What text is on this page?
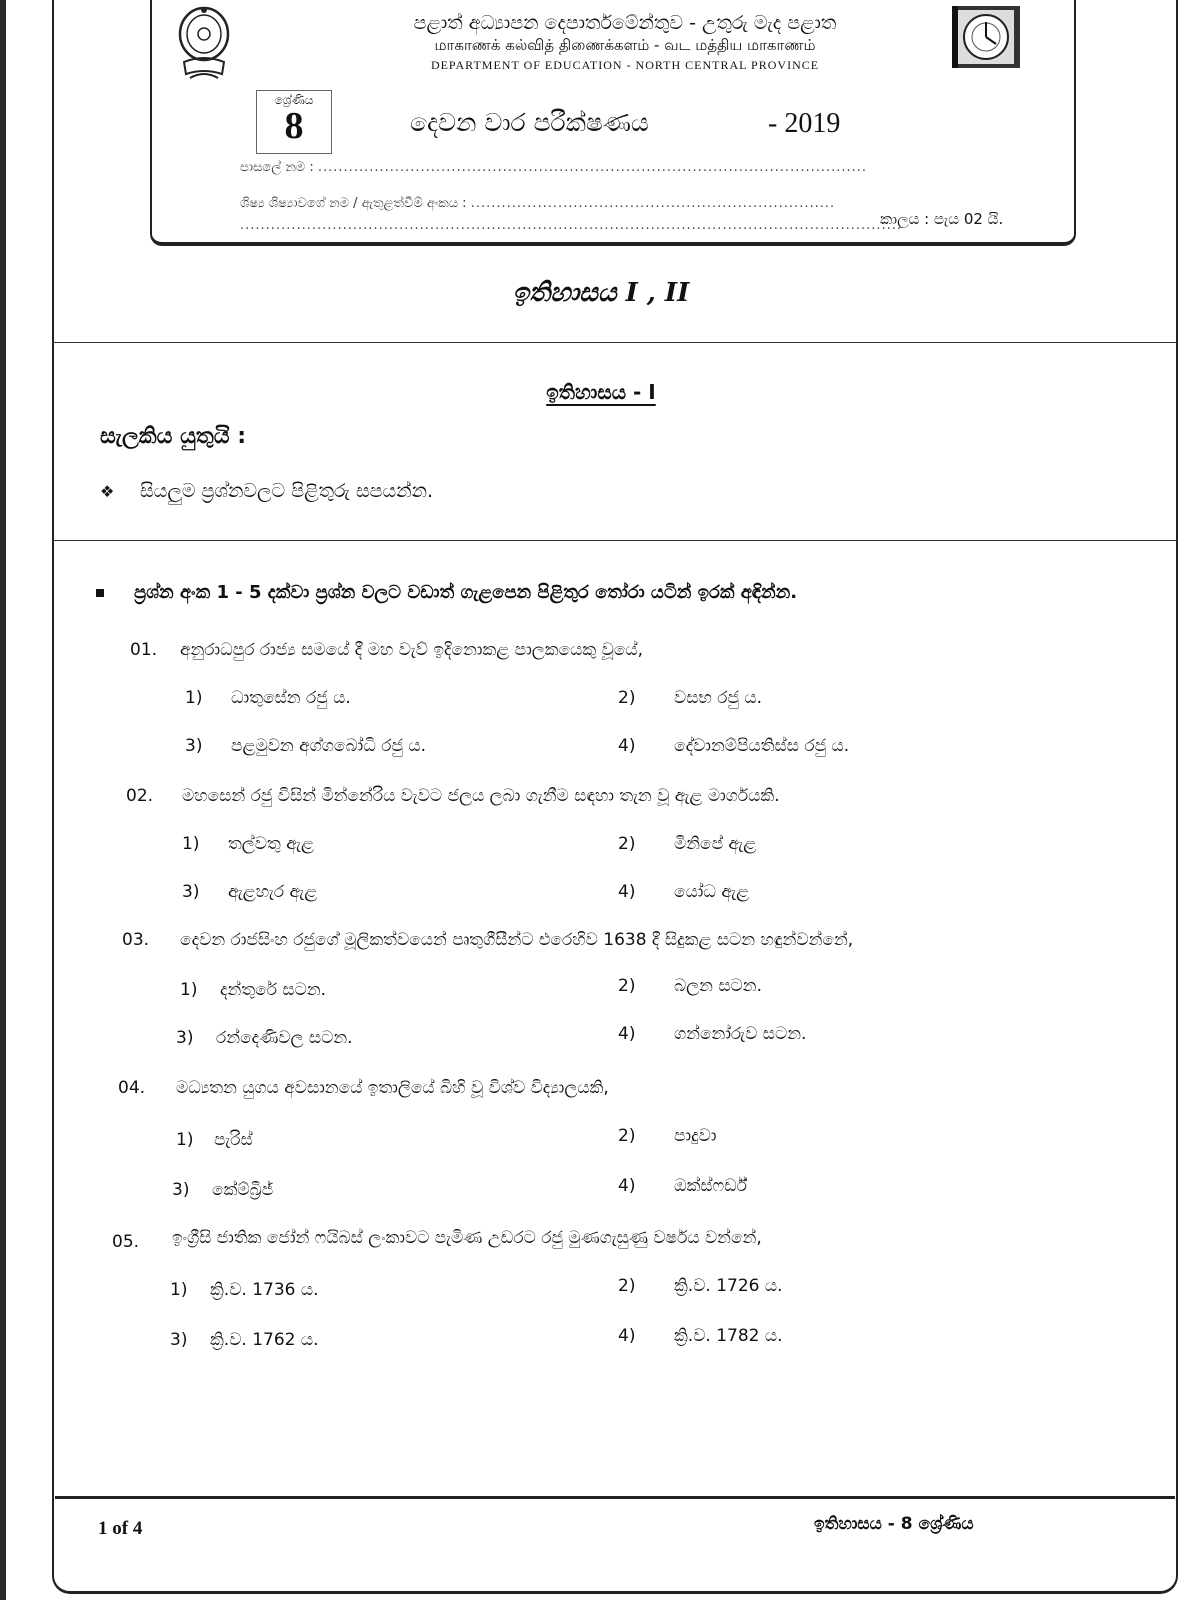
පළාත් අධ්‍යාපන දෙපාර්තමේන්තුව - උතුරු මැද පළාත
மாகாணக் கல்வித் திணைக்களம் - வட மத்திய மாகாணம்
DEPARTMENT OF EDUCATION - NORTH CENTRAL PROVINCE
ශ්‍රේණිය
8	දෙවන වාර පරීක්ෂණය	- 2019
පාසලේ නම : ...........................................................................................................
ශිෂ්‍ය ශිෂ්‍යාවගේ නම / ඇතුළත්වීම් අංකය : .......................................................................
.................................................................................................................................
කාලය : පැය 02 යි.
ඉතිහාසය I , II
ඉතිහාසය - I
සැලකිය යුතුයි :
❖ සියලුම ප්‍රශ්නවලට පිළිතුරු සපයන්න.
ප්‍රශ්න අංක 1 - 5 දක්වා ප්‍රශ්න වලට වඩාත් ගැළපෙන පිළිතුර තෝරා යටින් ඉරක් අඳින්න.
01. අනුරාධපුර රාජ්‍ය සමයේ දී මහ වැව් ඉදිනොකළ පාලකයෙකු වූයේ,
1) ධාතුසේන රජු ය.	2) වසභ රජු ය.
3) පළමුවන අග්ගබෝධි රජු ය.	4) දේවානම්පියතිස්ස රජු ය.
02. මහසෙන් රජු විසින් මින්නේරිය වැවට ජලය ලබා ගැනීම සඳහා තැන වූ ඇළ මාර්ගයකි.
1) තල්වතු ඇළ	2) මිනිපේ ඇළ
3) ඇළහැර ඇළ	4) යෝධ ඇළ
03. දෙවන රාජසිංහ රජුගේ මූලිකත්වයෙන් පෘතුගීසීන්ට එරෙහිව 1638 දී සිදුකළ සටන හඳුන්වන්නේ,
1) දන්තුරේ සටන.	2) බලන සටන.
3) රන්දෙණිවල සටන.	4) ගන්නෝරුව සටන.
04. මධ්‍යතන යුගය අවසානයේ ඉතාලියේ බිහි වූ විශ්ව විද්‍යාලයකි,
1) පැරිස්	2) පාදුවා
3) කේම්බ්‍රිජ්	4) ඔක්ස්ෆර්ඩ්
05. ඉංග්‍රීසි ජාතික ජෝන් ෆයිබස් ලංකාවට පැමිණ උඩරට රජු මුණගැසුණු වර්ෂය වන්නේ,
1) ක්‍රි.ව. 1736 ය.	2) ක්‍රි.ව. 1726 ය.
3) ක්‍රි.ව. 1762 ය.	4) ක්‍රි.ව. 1782 ය.
1 of 4	ඉතිහාසය - 8 ශ්‍රේණිය
